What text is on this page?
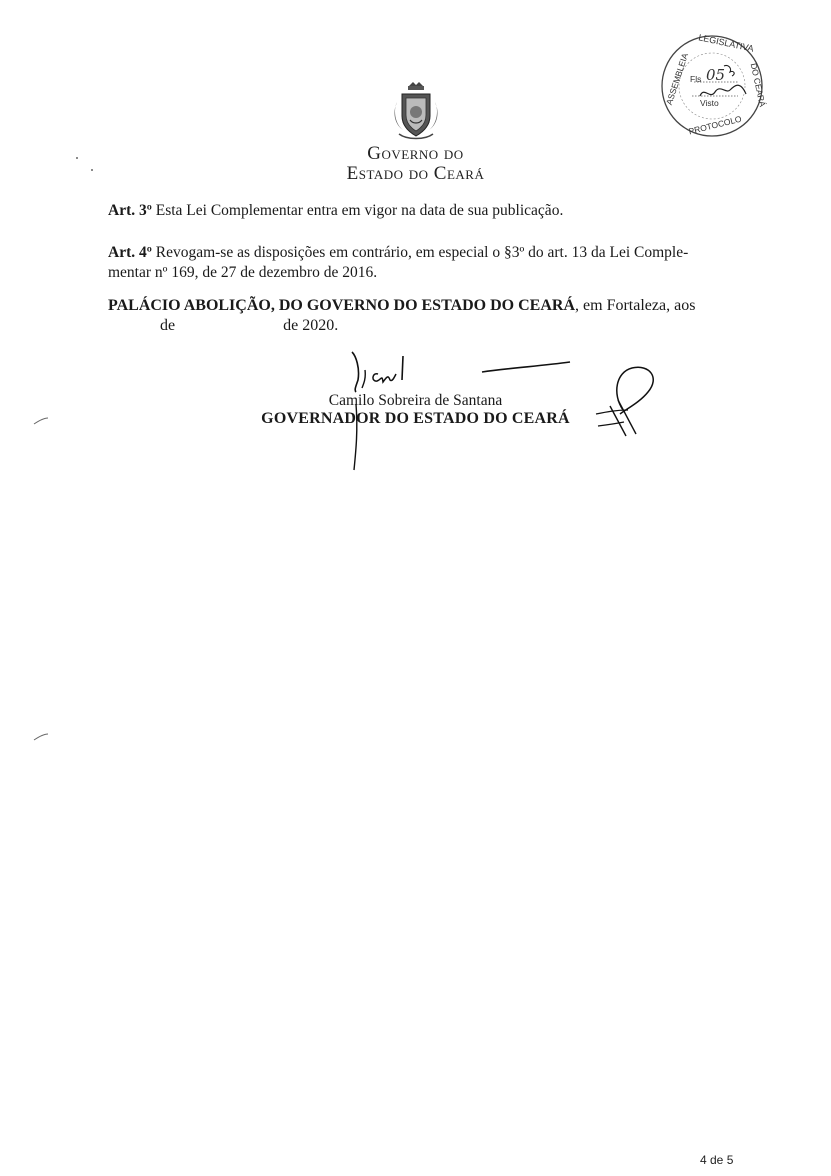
LEGISLATIVA
ASSEMBLEIA	DO CEARÁ
PROTOCOLO
Fls 05
Visto
Governo do
Estado do Ceará
Art. 3º Esta Lei Complementar entra em vigor na data de sua publicação.
Art. 4º Revogam-se as disposições em contrário, em especial o §3º do art. 13 da Lei Comple-
mentar nº 169, de 27 de dezembro de 2016.
PALÁCIO ABOLIÇÃO, DO GOVERNO DO ESTADO DO CEARÁ, em Fortaleza, aos
de	de 2020.
Camilo Sobreira de Santana
GOVERNADOR DO ESTADO DO CEARÁ
4 de 5
